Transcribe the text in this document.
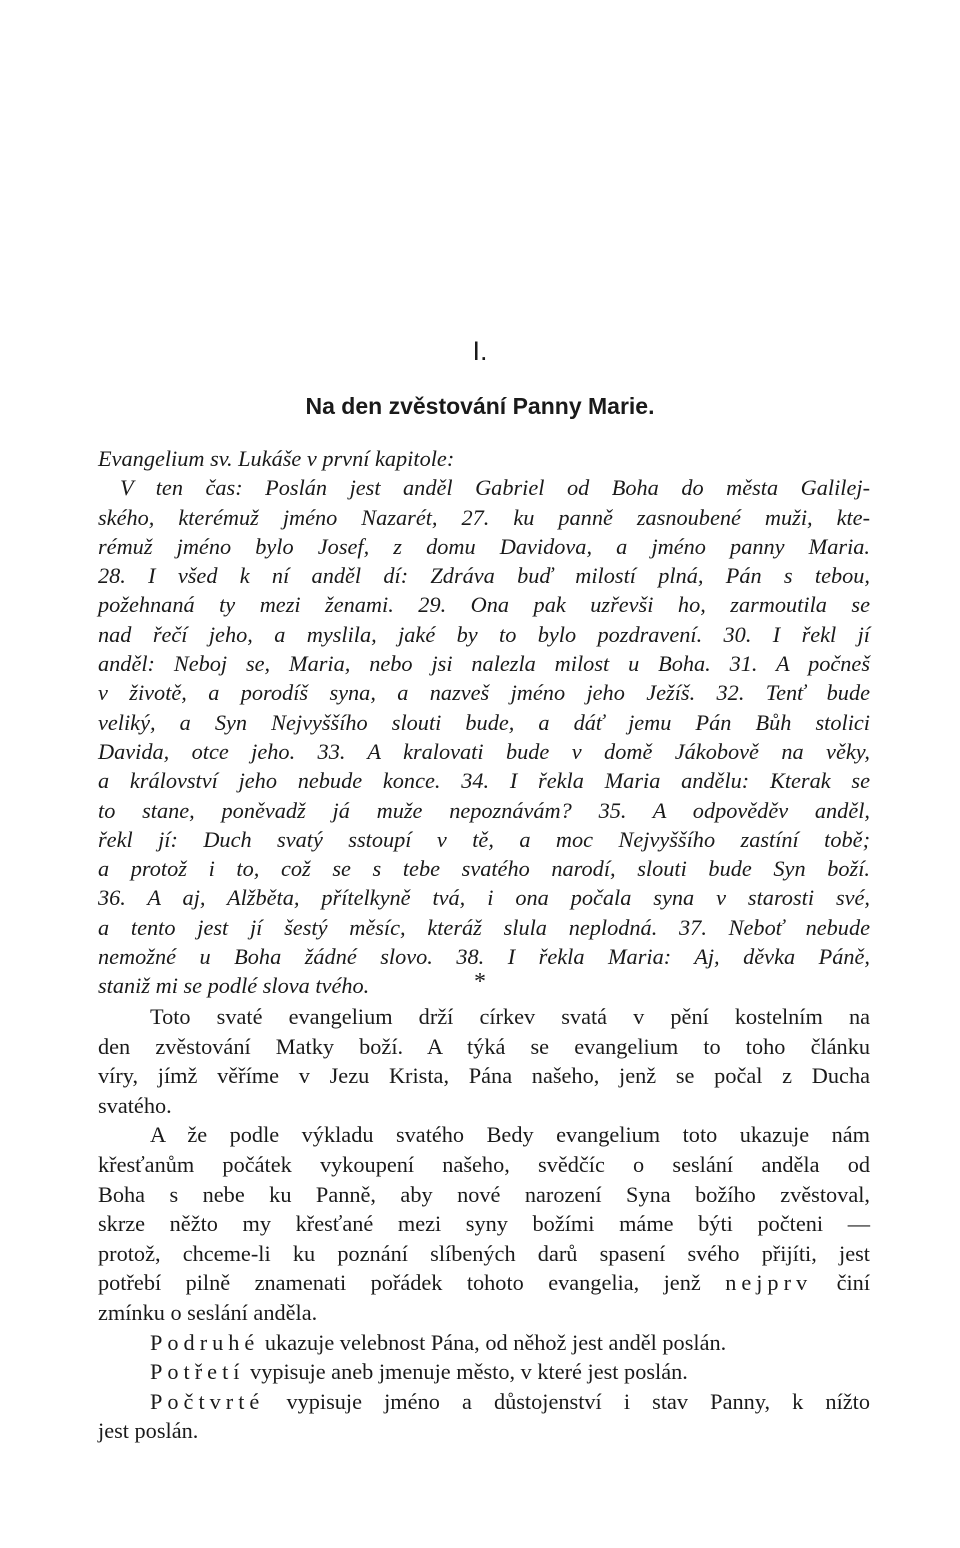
I.
Na den zvěstování Panny Marie.
Evangelium sv. Lukáše v první kapitole:
V ten čas: Poslán jest anděl Gabriel od Boha do města Galilej-
ského, kterémuž jméno Nazarét, 27. ku panně zasnoubené muži, kte-
rémuž jméno bylo Josef, z domu Davidova, a jméno panny Maria.
28. I všed k ní anděl dí: Zdrávа buď milostí plná, Pán s tebou,
požehnaná ty mezi ženami. 29. Ona pak uzřevši ho, zarmoutila se
nad řečí jeho, a myslila, jaké by to bylo pozdravení. 30. I řekl jí
anděl: Neboj se, Maria, nebo jsi nalezla milost u Boha. 31. A počneš
v životě, a porodíš syna, a nazveš jméno jeho Ježíš. 32. Tenť bude
veliký, a Syn Nejvyššího slouti bude, a dáť jemu Pán Bůh stolici
Davida, otce jeho. 33. A kralovati bude v domě Jákobově na věky,
a království jeho nebude konce. 34. I řekla Maria andělu: Kterak se
to stane, poněvadž já muže nepoznávám? 35. A odpověděv anděl,
řekl jí: Duch svatý sstoupí v tě, a moc Nejvyššího zastíní tobě;
a protož i to, což se s tebe svatého narodí, slouti bude Syn boží.
36. A aj, Alžběta, přítelkyně tvá, i ona počala syna v starosti své,
a tento jest jí šestý měsíc, kteráž slula neplodná. 37. Neboť nebude
nemožné u Boha žádné slovo. 38. I řekla Maria: Aj, děvka Páně,
staniž mi se podlé slova tvého.	*
Toto svaté evangelium drží církev svatá v pění kostelním na
den zvěstování Matky boží. A týká se evangelium to toho článku
víry, jímž věříme v Jezu Krista, Pána našeho, jenž se počal z Ducha
svatého.
A že podle výkladu svatého Bedy evangelium toto ukazuje nám
křesťanům počátek vykoupení našeho, svědčíc o seslání anděla od
Boha s nebe ku Panně, aby nové narození Syna božího zvěstoval,
skrze něžto my křesťané mezi syny božími máme býti počteni —
protož, chceme-li ku poznání slíbených darů spasení svého přijíti, jest
potřebí pilně znamenati pořádek tohoto evangelia, jenž nejprv činí
zmínku o seslání anděla.
Podruhé ukazuje velebnost Pána, od něhož jest anděl poslán.
Potřetí vypisuje aneb jmenuje město, v které jest poslán.
Počtvrté vypisuje jméno a důstojenství i stav Panny, k nížto
jest poslán.
